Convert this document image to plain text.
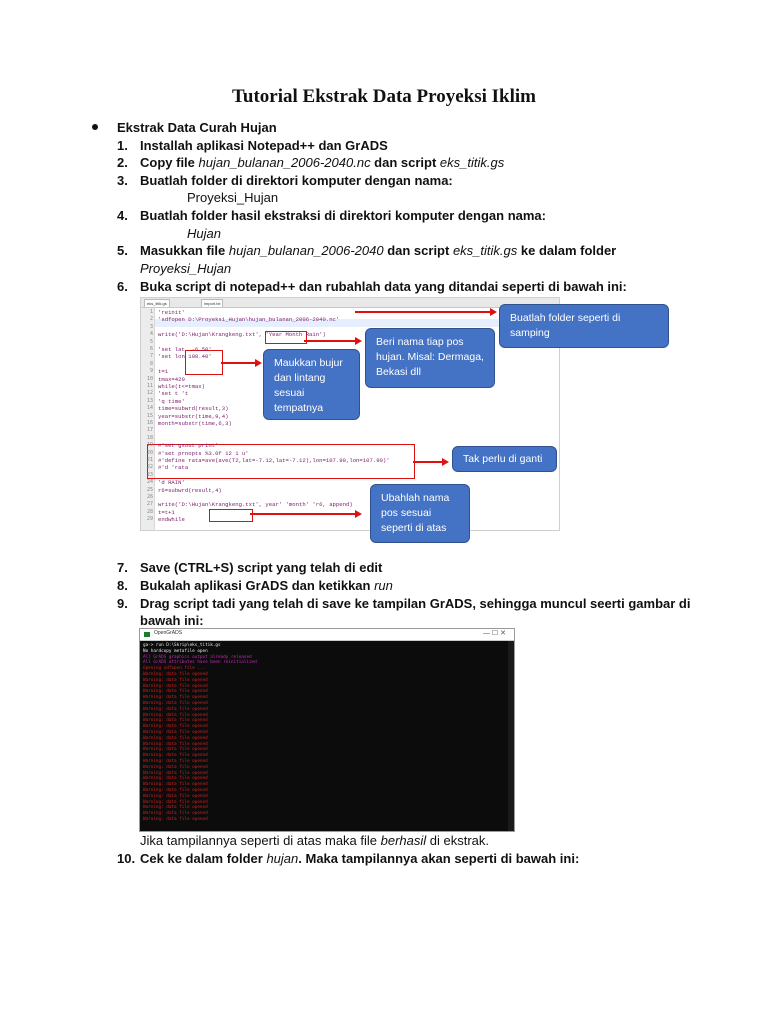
Tutorial Ekstrak Data Proyeksi Iklim
Ekstrak Data Curah Hujan
1. Installah aplikasi Notepad++ dan GrADS
2. Copy file hujan_bulanan_2006-2040.nc dan script eks_titik.gs
3. Buatlah folder di direktori komputer dengan nama:
Proyeksi_Hujan
4. Buatlah folder hasil ekstraksi di direktori komputer dengan nama:
Hujan
5. Masukkan file hujan_bulanan_2006-2040 dan script eks_titik.gs ke dalam folder
Proyeksi_Hujan
6. Buka script di notepad++ dan rubahlah data yang ditandai seperti di bawah ini:
eks_titik.gs	import.txt
1 'reinit'
2 'sdfopen D:\Proyeksi_Hujan\hujan_bulanan_2006-2040.nc'
3
4 write('D:\Hujan\Krangkeng.txt', 'Year Month Rain')
5
6 'set lat  -6.50'
7 'set lon 108.40'
8
9 t=1
10 tmax=420
11 while(t<=tmax)
12 'set t 't
13 'q time'
14 time=subwrd(result,3)
15 year=substr(time,9,4)
16 month=substr(time,6,3)
17
18
19 #'set gxout print'
20 #'set prnopts %3.0f 12 1 u'
21 #'define rata=ave(ave(T2,lat=-7.12,lat=-7.12),lon=107.90,lon=107.90)'
22 #'d 'rata
23
24 'd RAIN'
25 r6=subwrd(result,4)
26
27 write('D:\Hujan\Krangkeng.txt', year' 'month' 'r6, append)
28 t=t+1
29 endwhile
Buatlah folder seperti di samping
Beri nama tiap pos hujan. Misal: Dermaga, Bekasi dll
Maukkan bujur dan lintang sesuai tempatnya
Tak perlu di ganti
Ubahlah nama pos sesuai seperti di atas
7. Save (CTRL+S) script yang telah di edit
8. Bukalah aplikasi GrADS dan ketikkan run
9. Drag script tadi yang telah di save ke tampilan GrADS, sehingga muncul seerti gambar di
bawah ini:
OpenGrADS	— ☐ ✕
ga-> run D:\Skrip\eks_titik.gs
No hardcopy metafile open
All GrADS graphics output already released
All GrADS attributes have been reinitialized
Opening sdfopen file ...
Warning: data file opened
Warning: data file opened
Warning: data file opened
Warning: data file opened
Warning: data file opened
Warning: data file opened
Warning: data file opened
Warning: data file opened
Warning: data file opened
Warning: data file opened
Warning: data file opened
Warning: data file opened
Warning: data file opened
Warning: data file opened
Warning: data file opened
Warning: data file opened
Warning: data file opened
Warning: data file opened
Warning: data file opened
Warning: data file opened
Warning: data file opened
Warning: data file opened
Warning: data file opened
Warning: data file opened
Warning: data file opened
Warning: data file opened
Jika tampilannya seperti di atas maka file berhasil di ekstrak.
10. Cek ke dalam folder hujan. Maka tampilannya akan seperti di bawah ini:
